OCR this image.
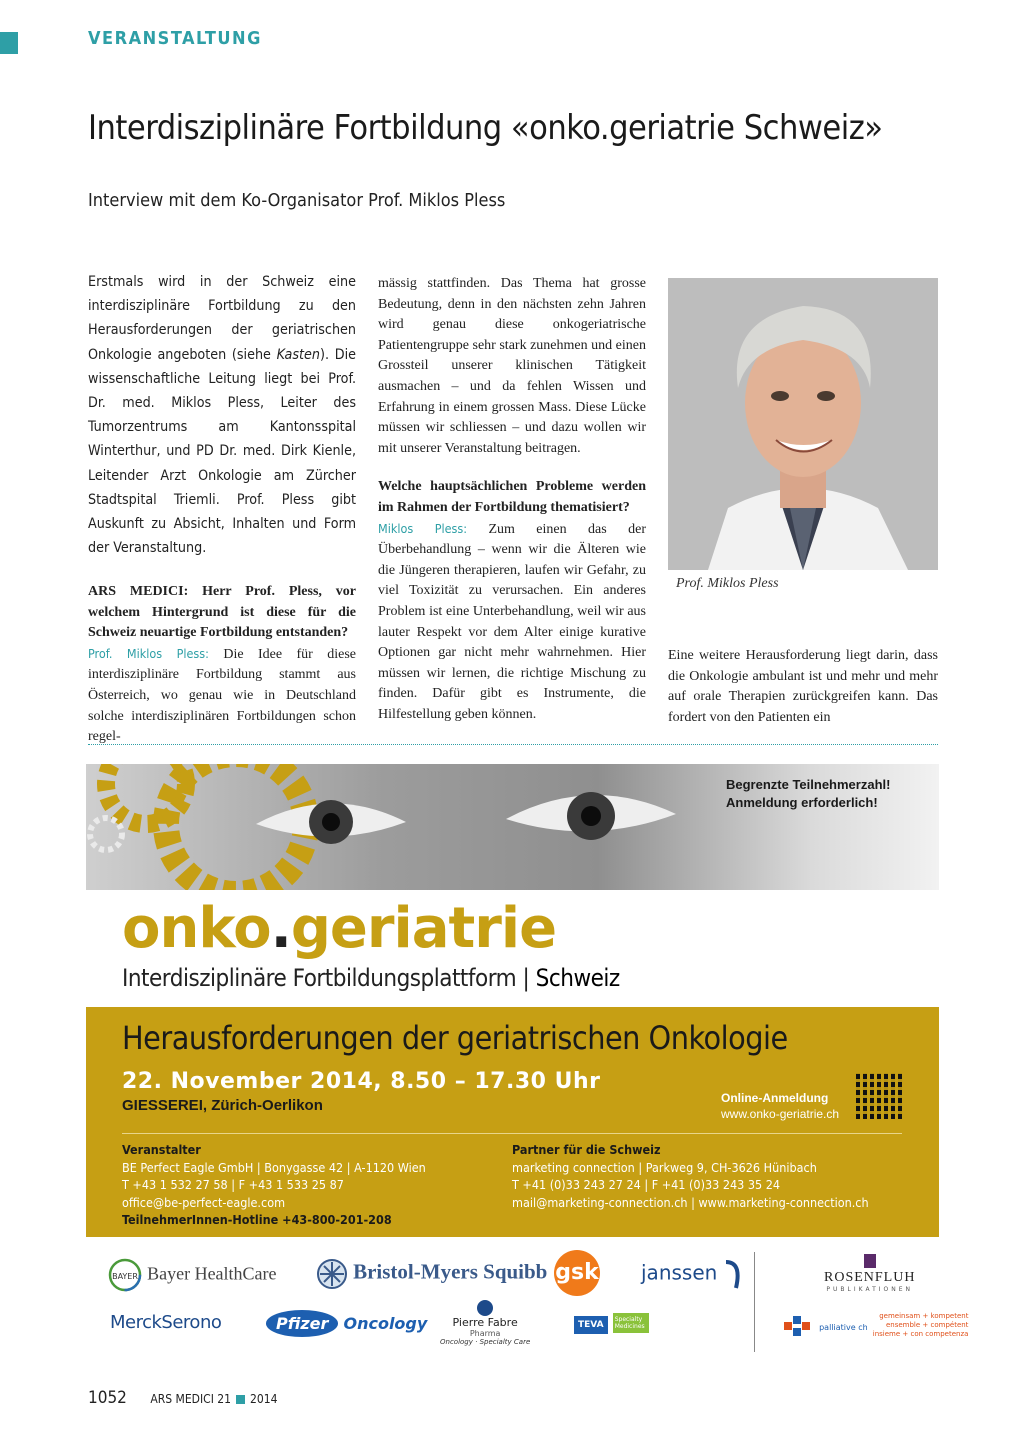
VERANSTALTUNG
Interdisziplinäre Fortbildung «onko.geriatrie Schweiz»
Interview mit dem Ko-Organisator Prof. Miklos Pless
Erstmals wird in der Schweiz eine interdisziplinäre Fortbildung zu den Herausforderungen der geriatrischen Onkologie angeboten (siehe Kasten). Die wissenschaftliche Leitung liegt bei Prof. Dr. med. Miklos Pless, Leiter des Tumorzentrums am Kantonsspital Winterthur, und PD Dr. med. Dirk Kienle, Leitender Arzt Onkologie am Zürcher Stadtspital Triemli. Prof. Pless gibt Auskunft zu Absicht, Inhalten und Form der Veranstaltung.

ARS MEDICI: Herr Prof. Pless, vor welchem Hintergrund ist diese für die Schweiz neuartige Fortbildung entstanden?

Prof. Miklos Pless: Die Idee für diese interdisziplinäre Fortbildung stammt aus Österreich, wo genau wie in Deutschland solche interdisziplinären Fortbildungen schon regel-

mässig stattfinden. Das Thema hat grosse Bedeutung, denn in den nächsten zehn Jahren wird genau diese onkogeriatrische Patientengruppe sehr stark zunehmen und einen Grossteil unserer klinischen Tätigkeit ausmachen – und da fehlen Wissen und Erfahrung in einem grossen Mass. Diese Lücke müssen wir schliessen – und dazu wollen wir mit unserer Veranstaltung beitragen.

Welche hauptsächlichen Probleme werden im Rahmen der Fortbildung thematisiert?

Miklos Pless: Zum einen das der Überbehandlung – wenn wir die Älteren wie die Jüngeren therapieren, laufen wir Gefahr, zu viel Toxizität zu verursachen. Ein anderes Problem ist eine Unterbehandlung, weil wir aus lauter Respekt vor dem Alter einige kurative Optionen gar nicht mehr wahrnehmen. Hier müssen wir lernen, die richtige Mischung zu finden. Dafür gibt es Instrumente, die Hilfestellung geben können.

Prof. Miklos Pless

Eine weitere Herausforderung liegt darin, dass die Onkologie ambulant ist und mehr und mehr auf orale Therapien zurückgreifen kann. Das fordert von den Patienten ein

Begrenzte Teilnehmerzahl!
Anmeldung erforderlich!
onko.geriatrie
Interdisziplinäre Fortbildungsplattform | Schweiz
Herausforderungen der geriatrischen Onkologie
22. November 2014, 8.50 – 17.30 Uhr
GIESSEREI, Zürich-Oerlikon	Online-Anmeldung
www.onko-geriatrie.ch
Veranstalter
BE Perfect Eagle GmbH | Bonygasse 42 | A-1120 Wien
T +43 1 532 27 58 | F +43 1 533 25 87
office@be-perfect-eagle.com
TeilnehmerInnen-Hotline +43-800-201-208
Partner für die Schweiz
marketing connection | Parkweg 9, CH-3626 Hünibach
T +41 (0)33 243 27 24 | F +41 (0)33 243 35 24
mail@marketing-connection.ch | www.marketing-connection.ch
BAYER Bayer HealthCare	Bristol-Myers Squibb gsk janssen	ROSENFLUH
PUBLIKATIONEN
MerckSerono	Pfizer Oncology	Pierre Fabre
Pharma
Oncology · Specialty Care
TEVA Specialty Medicines	palliative ch
gemeinsam + kompetent
ensemble + compétent
insieme + con competenza
1052 ARS MEDICI 21 2014
